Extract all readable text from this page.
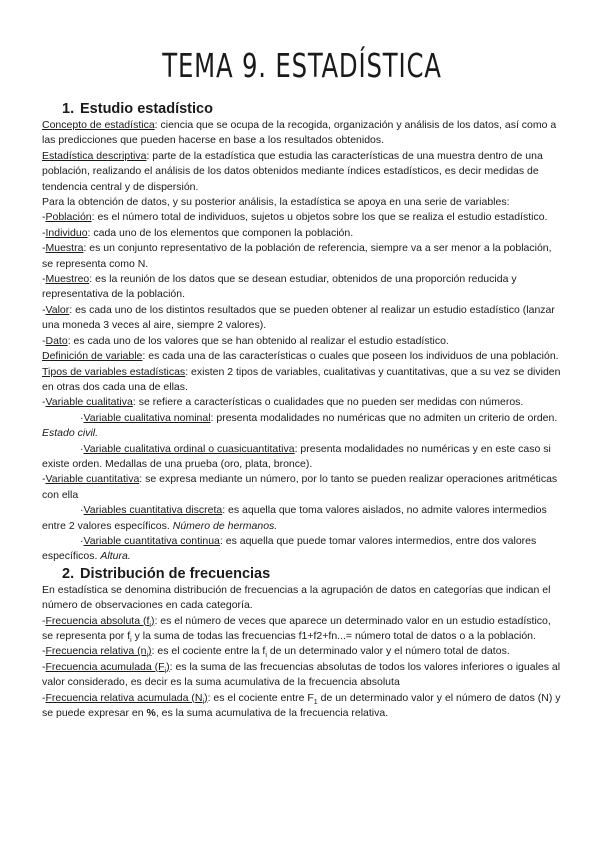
TEMA 9. ESTADÍSTICA
1. Estudio estadístico

Concepto de estadística: ciencia que se ocupa de la recogida, organización y análisis de los datos, así como a las predicciones que pueden hacerse en base a los resultados obtenidos.

Estadística descriptiva: parte de la estadística que estudia las características de una muestra dentro de una población, realizando el análisis de los datos obtenidos mediante índices estadísticos, es decir medidas de tendencia central y de dispersión.

Para la obtención de datos, y su posterior análisis, la estadística se apoya en una serie de variables:

-Población: es el número total de individuos, sujetos u objetos sobre los que se realiza el estudio estadístico.

-Individuo: cada uno de los elementos que componen la población.

-Muestra: es un conjunto representativo de la población de referencia, siempre va a ser menor a la población, se representa como N.

-Muestreo: es la reunión de los datos que se desean estudiar, obtenidos de una proporción reducida y representativa de la población.

-Valor: es cada uno de los distintos resultados que se pueden obtener al realizar un estudio estadístico (lanzar una moneda 3 veces al aire, siempre 2 valores).

-Dato: es cada uno de los valores que se han obtenido al realizar el estudio estadístico.

Definición de variable: es cada una de las características o cuales que poseen los individuos de una población.

Tipos de variables estadísticas: existen 2 tipos de variables, cualitativas y cuantitativas, que a su vez se dividen en otras dos cada una de ellas.

-Variable cualitativa: se refiere a características o cualidades que no pueden ser medidas con números.

·Variable cualitativa nominal: presenta modalidades no numéricas que no admiten un criterio de orden. Estado civil.

·Variable cualitativa ordinal o cuasicuantitativa: presenta modalidades no numéricas y en este caso si existe orden. Medallas de una prueba (oro, plata, bronce).

-Variable cuantitativa: se expresa mediante un número, por lo tanto se pueden realizar operaciones aritméticas con ella

·Variables cuantitativa discreta: es aquella que toma valores aislados, no admite valores intermedios entre 2 valores específicos. Número de hermanos.

·Variable cuantitativa continua: es aquella que puede tomar valores intermedios, entre dos valores específicos. Altura.

2. Distribución de frecuencias

En estadística se denomina distribución de frecuencias a la agrupación de datos en categorías que indican el número de observaciones en cada categoría.

-Frecuencia absoluta $(f_i)$: es el número de veces que aparece un determinado valor en un estudio estadístico, se representa por $f_i$ y la suma de todas las frecuencias f1+f2+fn...= número total de datos o a la población.

-Frecuencia relativa $(n_i)$: es el cociente entre la $f_i$ de un determinado valor y el número total de datos.

-Frecuencia acumulada $(F_i)$: es la suma de las frecuencias absolutas de todos los valores inferiores o iguales al valor considerado, es decir es la suma acumulativa de la frecuencia absoluta

-Frecuencia relativa acumulada $(N_i)$: es el cociente entre $F_1$ de un determinado valor y el número de datos (N) y se puede expresar en %, es la suma acumulativa de la frecuencia relativa.
